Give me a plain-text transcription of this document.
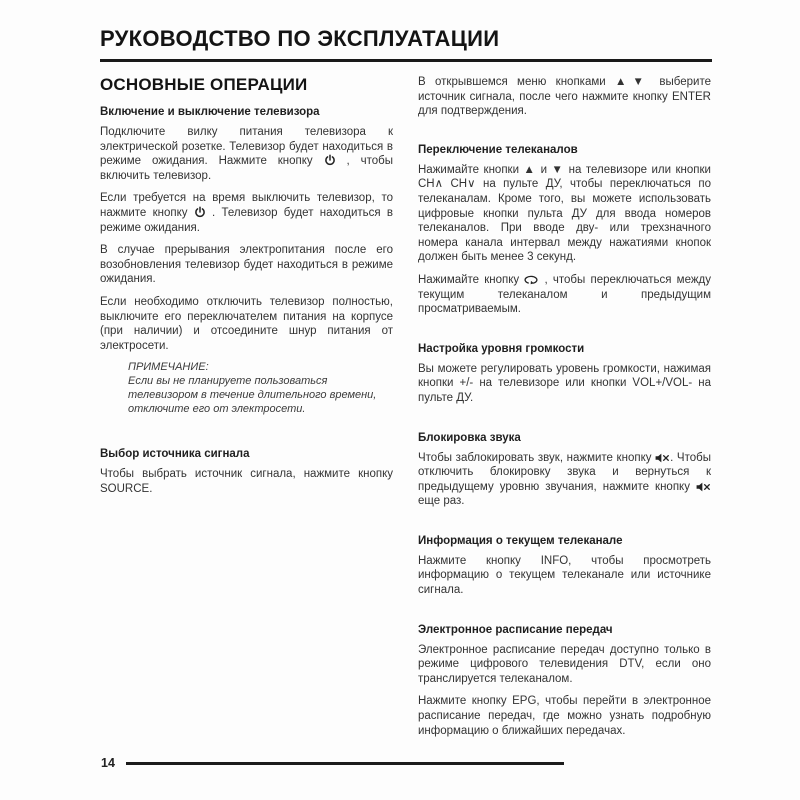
РУКОВОДСТВО ПО ЭКСПЛУАТАЦИИ
ОСНОВНЫЕ ОПЕРАЦИИ
Включение и выключение телевизора

Подключите вилку питания телевизора к электрической розетке. Телевизор будет находиться в режиме ожидания. Нажмите кнопку
, чтобы включить телевизор.

Если требуется на время выключить телевизор, то нажмите кнопку
. Телевизор будет находиться в режиме ожидания.

В случае прерывания электропитания после его возобновления телевизор будет находиться в режиме ожидания.

Если необходимо отключить телевизор полностью, выключите его переключателем питания на корпусе (при наличии) и отсоедините шнур питания от электросети.

ПРИМЕЧАНИЕ:

Если вы не планируете пользоваться телевизором в течение длительного времени, отключите его от электросети.

Выбор источника сигнала

Чтобы выбрать источник сигнала, нажмите кнопку SOURCE.

В открывшемся меню кнопками ▲▼ выберите источник сигнала, после чего нажмите кнопку ENTER для подтверждения.

Переключение телеканалов

Нажимайте кнопки ▲ и ▼ на телевизоре или кнопки CH∧ CH∨ на пульте ДУ, чтобы переключаться по телеканалам. Кроме того, вы можете использовать цифровые кнопки пульта ДУ для ввода номеров телеканалов. При вводе дву- или трехзначного номера канала интервал между нажатиями кнопок должен быть менее 3 секунд.

Нажимайте кнопку
, чтобы переключаться между текущим телеканалом и предыдущим просматриваемым.

Настройка уровня громкости

Вы можете регулировать уровень громкости, нажимая кнопки +/- на телевизоре или кнопки VOL+/VOL- на пульте ДУ.

Блокировка звука

Чтобы заблокировать звук, нажмите кнопку . Чтобы отключить блокировку звука и вернуться к предыдущему уровню звучания, нажмите кнопку
еще раз.

Информация о текущем телеканале

Нажмите кнопку INFO, чтобы просмотреть информацию о текущем телеканале или источнике сигнала.

Электронное расписание передач

Электронное расписание передач доступно только в режиме цифрового телевидения DTV, если оно транслируется телеканалом.

Нажмите кнопку EPG, чтобы перейти в электронное расписание передач, где можно узнать подробную информацию о ближайших передачах.

14
